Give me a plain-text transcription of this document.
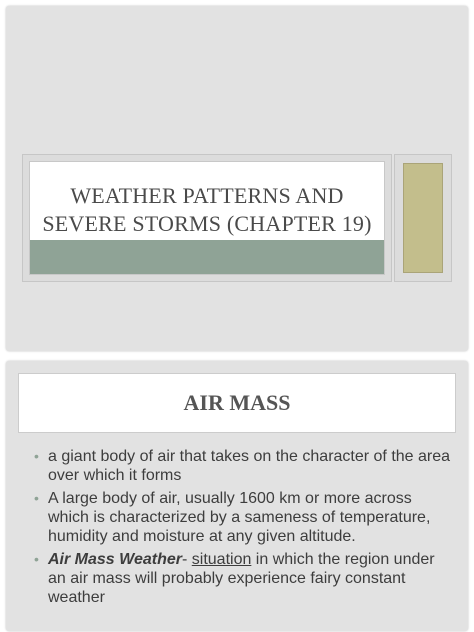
WEATHER PATTERNS AND
SEVERE STORMS (CHAPTER 19)
AIR MASS
• a giant body of air that takes on the character of the area over which it forms
• A large body of air, usually 1600 km or more across which is characterized by a sameness of temperature, humidity and moisture at any given altitude.
• Air Mass Weather- situation in which the region under an air mass will probably experience fairy constant weather
